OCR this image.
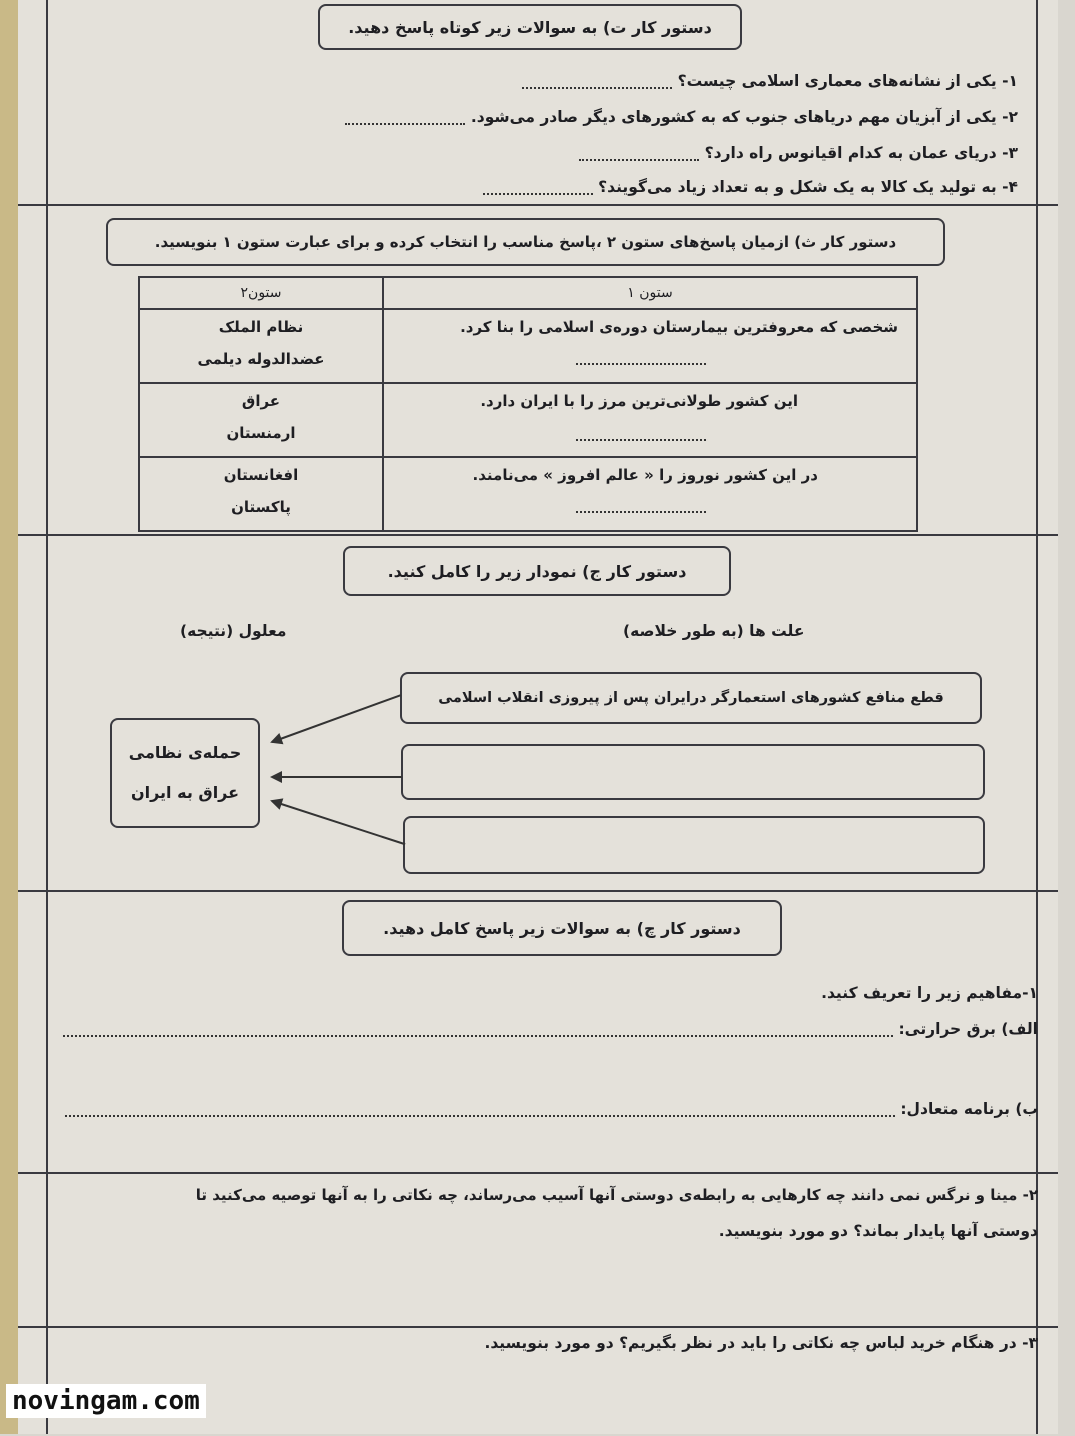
دستور کار ت) به سوالات زیر کوتاه پاسخ دهید.
۱- یکی از نشانه‌های معماری اسلامی چیست؟
۲- یکی از آبزیان مهم دریاهای جنوب که به کشورهای دیگر صادر می‌شود.
۳- دریای عمان به کدام اقیانوس راه دارد؟
۴- به تولید یک کالا به یک شکل و به تعداد زیاد می‌گویند؟
دستور کار ث) ازمیان پاسخ‌های ستون ۲ ،پاسخ مناسب را انتخاب کرده و برای عبارت ستون ۱ بنویسید.
ستون ۱	ستون۲

شخصی که معروفترین بیمارستان دوره‌ی اسلامی را بنا کرد.	نظام الملک
عضدالدوله دیلمی

این کشور طولانی‌ترین مرز را با ایران دارد.	عراق
ارمنستان

در این کشور نوروز را « عالم افروز » می‌نامند.	افغانستان
پاکستان
دستور کار ج) نمودار زیر را کامل کنید.
معلول (نتیجه)	علت ها (به طور خلاصه)
قطع منافع کشورهای استعمارگر درایران پس از پیروزی انقلاب اسلامی
حمله‌ی نظامی
عراق به ایران
دستور کار چ) به سوالات زیر پاسخ کامل دهید.
۱-مفاهیم زیر را تعریف کنید.
الف) برق حرارتی:
ب) برنامه متعادل:
۲- مینا و نرگس نمی دانند چه کارهایی به رابطه‌ی دوستی آنها آسیب می‌رساند، چه نکاتی را به آنها توصیه می‌کنید تا
دوستی آنها پایدار بماند؟ دو مورد بنویسید.
۳- در هنگام خرید لباس چه نکاتی را باید در نظر بگیریم؟ دو مورد بنویسید.
novingam.com
